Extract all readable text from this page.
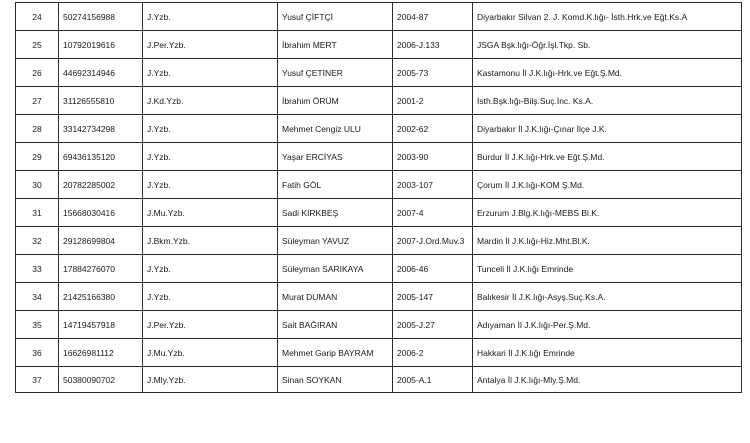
24	50274156988	J.Yzb.	Yusuf ÇİFTÇİ	2004-87	Diyarbakır Silvan 2. J. Komd.K.lığı- İsth.Hrk.ve Eğt.Ks.A
25	10792019616	J.Per.Yzb.	İbrahim MERT	2006-J.133	JSGA Bşk.lığı-Öğr.İşl.Tkp. Sb.
26	44692314946	J.Yzb.	Yusuf ÇETİNER	2005-73	Kastamonu İl J.K.lığı-Hrk.ve Eğt.Ş.Md.
27	31126555810	J.Kd.Yzb.	İbrahim ÖRÜM	2001-2	İsth.Bşk.lığı-Bilş.Suç.İnc. Ks.A.
28	33142734298	J.Yzb.	Mehmet Cengiz ULU	2002-62	Diyarbakır İl J.K.lığı-Çınar İlçe J.K.
29	69436135120	J.Yzb.	Yaşar ERCİYAS	2003-90	Burdur İl J.K.lığı-Hrk.ve Eğt.Ş.Md.
30	20782285002	J.Yzb.	Fatih GÖL	2003-107	Çorum İl J.K.lığı-KOM Ş.Md.
31	15668030416	J.Mu.Yzb.	Sadi KIRKBEŞ	2007-4	Erzurum J.Blg.K.lığı-MEBS Bl.K.
32	29128699804	J.Bkm.Yzb.	Süleyman YAVUZ	2007-J.Ord.Muv.3	Mardin İl J.K.lığı-Hiz.Mht.Bl.K.
33	17884276070	J.Yzb.	Süleyman SARIKAYA	2006-46	Tunceli İl J.K.lığı Emrinde
34	21425166380	J.Yzb.	Murat DUMAN	2005-147	Balıkesir İl J.K.lığı-Asyş.Suç.Ks.A.
35	14719457918	J.Per.Yzb.	Sait BAĞIRAN	2005-J.27	Adıyaman İl J.K.lığı-Per.Ş.Md.
36	16626981112	J.Mu.Yzb.	Mehmet Garip BAYRAM	2006-2	Hakkari İl J.K.lığı Emrinde
37	50380090702	J.Mly.Yzb.	Sinan SOYKAN	2005-A.1	Antalya İl J.K.lığı-Mly.Ş.Md.
